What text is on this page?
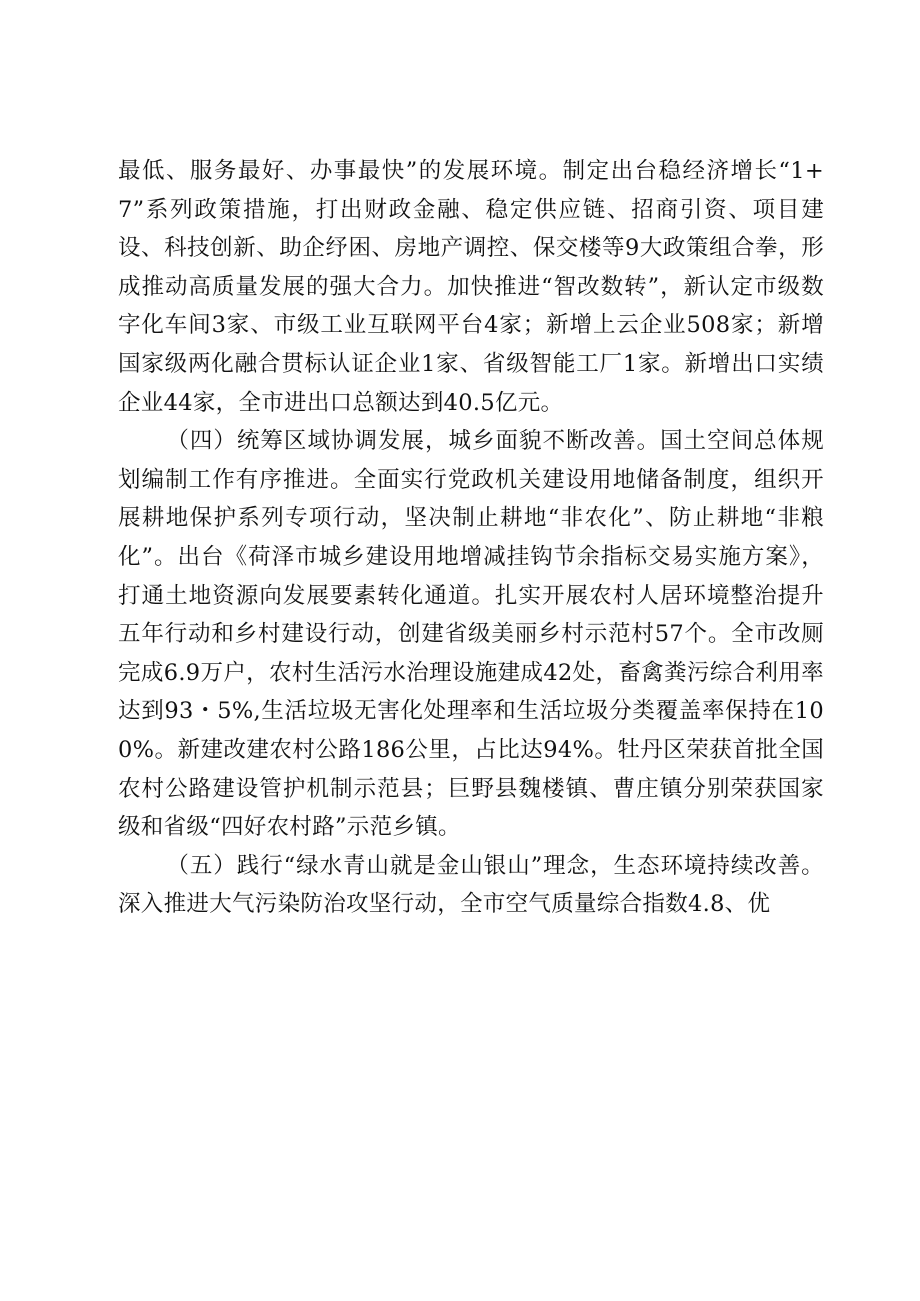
最低、服务最好、办事最快”的发展环境。制定出台稳经济增长“1+7”系列政策措施，打出财政金融、稳定供应链、招商引资、项目建设、科技创新、助企纾困、房地产调控、保交楼等9大政策组合拳，形成推动高质量发展的强大合力。加快推进“智改数转”，新认定市级数字化车间3家、市级工业互联网平台4家；新增上云企业508家；新增国家级两化融合贯标认证企业1家、省级智能工厂1家。新增出口实绩企业44家，全市进出口总额达到40.5亿元。

（四）统筹区域协调发展，城乡面貌不断改善。国土空间总体规划编制工作有序推进。全面实行党政机关建设用地储备制度，组织开展耕地保护系列专项行动，坚决制止耕地“非农化”、防止耕地“非粮化”。出台《荷泽市城乡建设用地增减挂钩节余指标交易实施方案》，打通土地资源向发展要素转化通道。扎实开展农村人居环境整治提升五年行动和乡村建设行动，创建省级美丽乡村示范村57个。全市改厕完成6.9万户，农村生活污水治理设施建成42处，畜禽粪污综合利用率达到93・5%,生活垃圾无害化处理率和生活垃圾分类覆盖率保持在100%。新建改建农村公路186公里，占比达94%。牡丹区荣获首批全国农村公路建设管护机制示范县；巨野县魏楼镇、曹庄镇分别荣获国家级和省级“四好农村路”示范乡镇。

（五）践行“绿水青山就是金山银山”理念，生态环境持续改善。深入推进大气污染防治攻坚行动，全市空气质量综合指数4.8、优
